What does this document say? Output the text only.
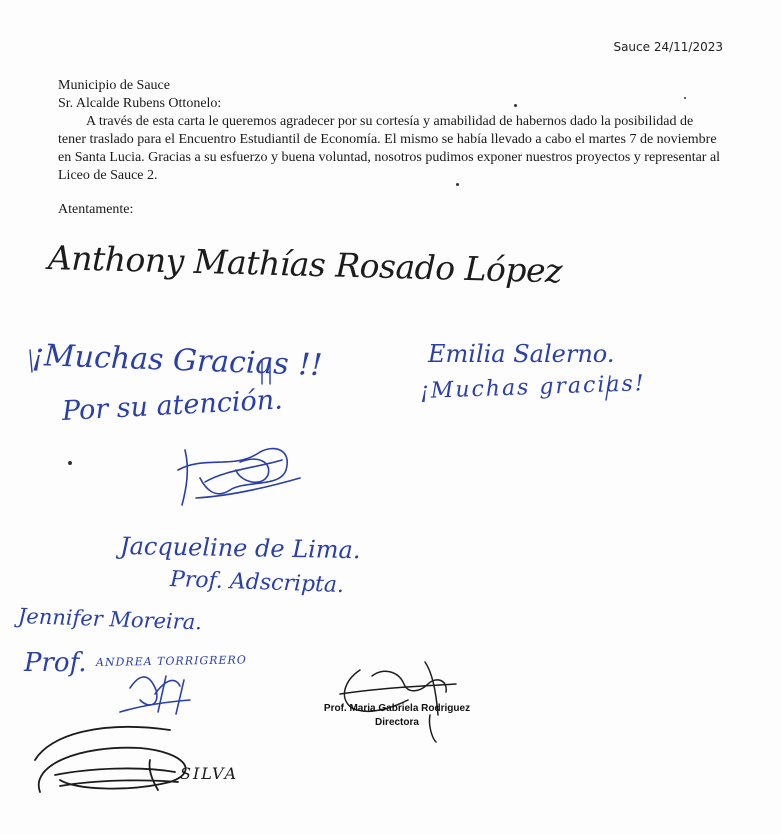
Sauce 24/11/2023

Municipio de Sauce

Sr. Alcalde Rubens Ottonelo:

A través de esta carta le queremos agradecer por su cortesía y amabilidad de habernos dado la posibilidad de tener traslado para el Encuentro Estudiantil de Economía. El mismo se había llevado a cabo el martes 7 de noviembre en Santa Lucia. Gracias a su esfuerzo y buena voluntad, nosotros pudimos exponer nuestros proyectos y representar al Liceo de Sauce 2.

Atentamente:
Anthony Mathías Rosado López
¡Muchas Gracias !!
Por su atención.
Jacqueline de Lima.
Prof. Adscripta.
Emilia Salerno.
¡Muchas gracias!
Jennifer Moreira.
Prof. ANDREA TORRIGRERO
SILVA
Prof. Maria Gabriela Rodriguez
Directora
